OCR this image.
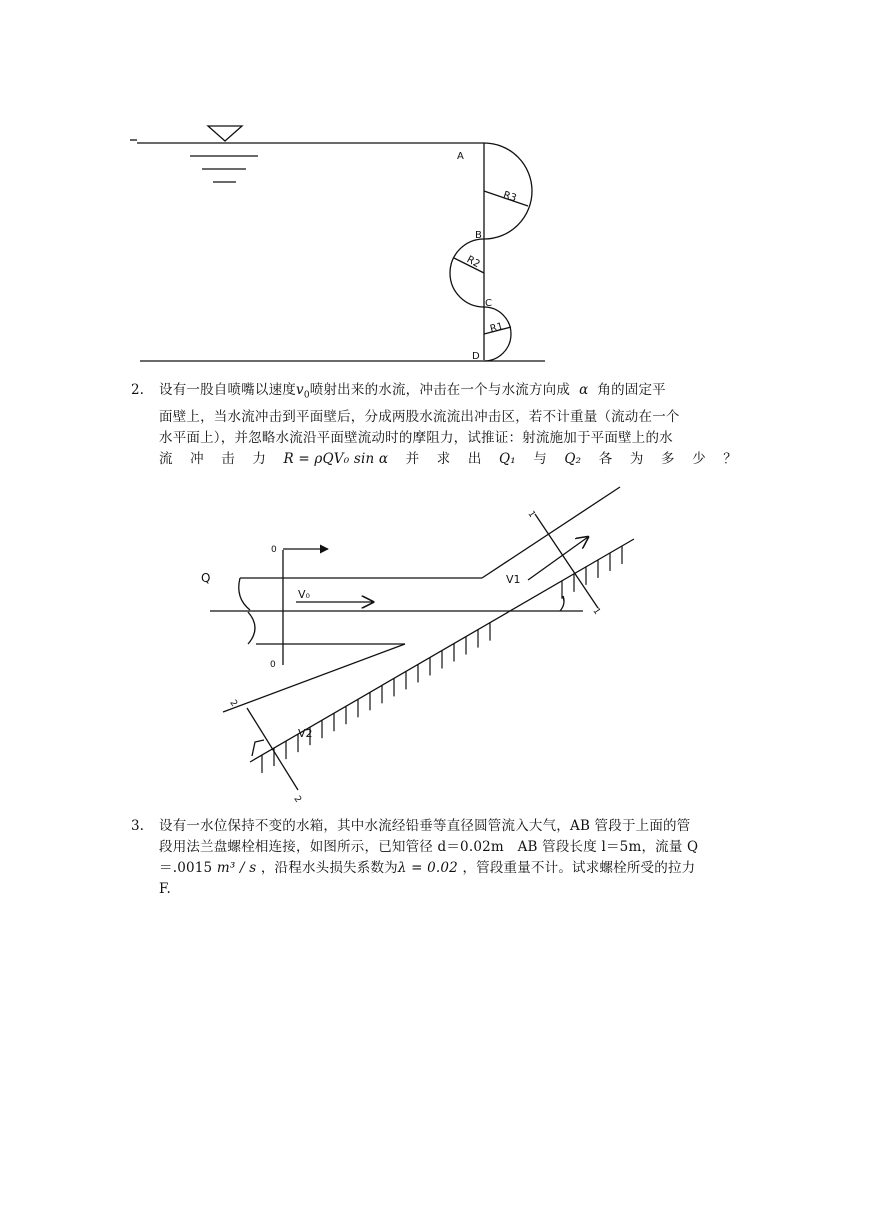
A
B
C
D
R3
R2
R1
2. 设有一股自喷嘴以速度$v_0$喷射出来的水流，冲击在一个与水流方向成 α 角的固定平
面壁上，当水流冲击到平面壁后，分成两股水流流出冲击区，若不计重量（流动在一个
水平面上），并忽略水流沿平面壁流动时的摩阻力，试推证：射流施加于平面壁上的水
流 冲 击 力 R = ρQV₀ sin α 并 求 出 Q₁ 与 Q₂ 各 为 多 少 ？
Q
0
0
V₀
V1
V2
1
1
2
2
3. 设有一水位保持不变的水箱，其中水流经铅垂等直径圆管流入大气，AB 管段于上面的管
段用法兰盘螺栓相连接，如图所示，已知管径 d＝0.02m　AB 管段长度 l＝5m，流量 Q
＝.0015 m³ / s ，沿程水头损失系数为λ = 0.02 ，管段重量不计。试求螺栓所受的拉力
F.
